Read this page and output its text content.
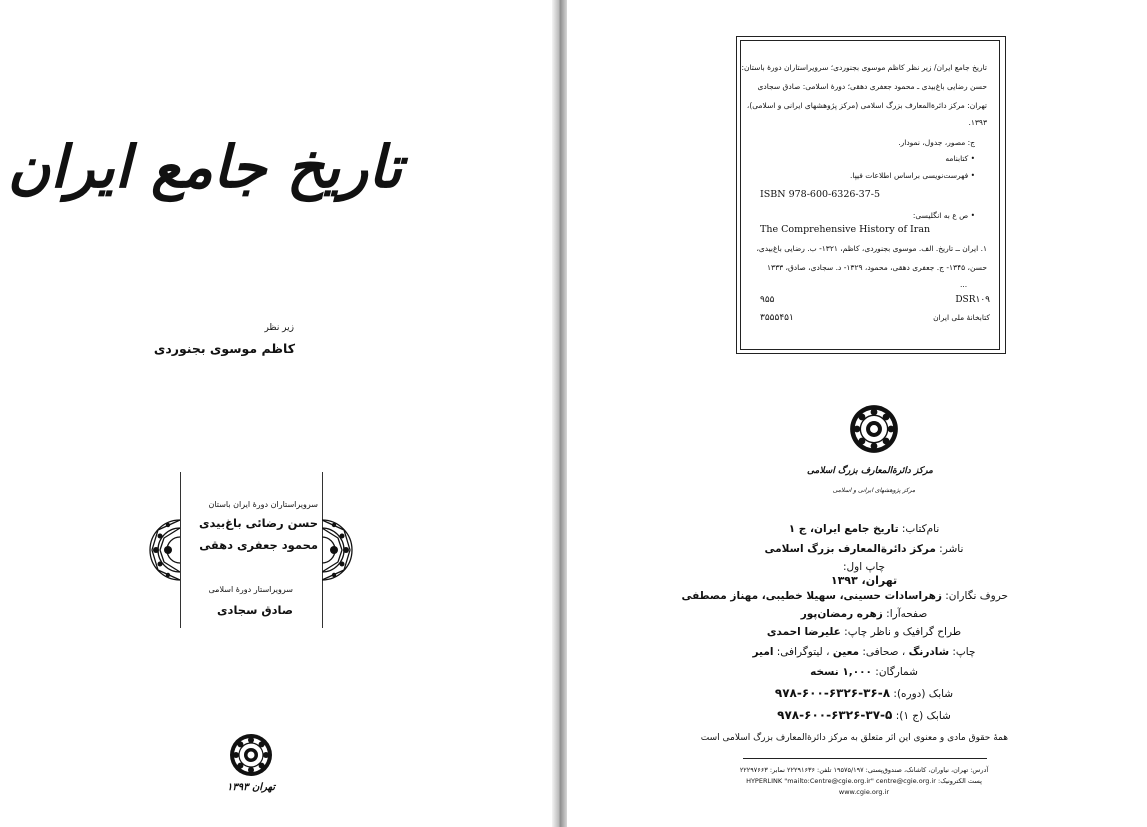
تاریخ جامع ایران
زیر نظر
کاظم موسوی بجنوردی
سرویراستاران دورهٔ ایران باستان
حسن رضائی باغ‌بیدی
محمود جعفری دهقی
سرویراستار دورهٔ اسلامی
صادق سجادی
تهران ۱۳۹۳
تاریخ جامع ایران/ زیر نظر کاظم موسوی بجنوردی؛ سرویراستاران دورهٔ باستان:
حسن رضایی باغ‌بیدی ـ محمود جعفری دهقی؛ دورهٔ اسلامی: صادق سجادی
تهران: مرکز دائرةالمعارف بزرگ اسلامی (مرکز پژوهشهای ایرانی و اسلامی)،
۱۳۹۳.
ج: مصور، جدول، نمودار.
• کتابنامه
• فهرست‌نویسی براساس اطلاعات فیپا.
ISBN 978-600-6326-37-5
• ص ع به انگلیسی:
The Comprehensive History of Iran
۱. ایران ــ تاریخ. الف. موسوی بجنوردی، کاظم، ۱۳۲۱- ب. رضایی باغ‌بیدی،
حسن، ۱۳۴۵- ج. جعفری دهقی، محمود، ۱۳۲۹- د. سجادی، صادق، ۱۳۳۳
...
DSR۱۰۹
۹۵۵
کتابخانهٔ ملی ایران
۳۵۵۵۴۵۱
مرکز دائرةالمعارف بزرگ اسلامی
مرکز پژوهشهای ایرانی و اسلامی
نام‌کتاب: تاریخ جامع ایران، ج ۱
ناشر: مرکز دائرة‌المعارف بزرگ اسلامی
چاپ اول:
تهران، ۱۳۹۳
حروف نگاران: زهراسادات حسینی، سهیلا خطیبی، مهناز مصطفی
صفحه‌آرا: زهره رمضان‌پور
طراح گرافیک و ناظر چاپ: علیرضا احمدی
چاپ: شادرنگ ، صحافی: معین ، لیتوگرافی: امیر
شمارگان: ۱,۰۰۰ نسخه
شابک (دوره): ۸-۳۶-۶۳۲۶-۶۰۰-۹۷۸
شابک (ج ۱): ۵-۳۷-۶۳۲۶-۶۰۰-۹۷۸
همهٔ حقوق مادی و معنوی این اثر متعلق به مرکز دائرةالمعارف بزرگ اسلامی است
آدرس: تهران، نیاوران، کاشانک، صندوق‌پستی: ۱۹۵۷۵/۱۹۷ تلفن: ۲۲۲۹۱۶۳۶ نمابر: ۲۲۲۹۷۶۶۳
پست الکترونیک: HYPERLINK "mailto:Centre@cgie.org.ir" centre@cgie.org.ir
www.cgie.org.ir
